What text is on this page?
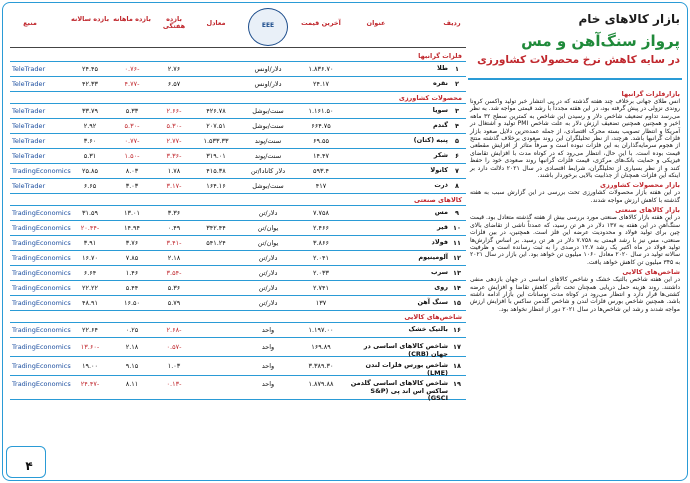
بازار کالاهای خام
پرواز سنگ‌آهن و مس
در سایه کاهش نرخ محصولات کشاورزی
بازارفلزات گرانبها

انس طلای جهانی برخلاف چند هفته گذشته که در پی انتشار خبر تولید واکسن کرونا روندی نزولی در پیش گرفته بود، در این هفته مجدداً با رشد قیمتی مواجه شد. به نظر می‌رسد تداوم تضعیف شاخص دلار و رسیدن این شاخص به کمترین سطح ۳۲ ماهه اخیر و همچنین همچنین تضعیف ارزش دلار به علت شاخص PMI تولید و اشتغال در آمریکا و انتظار تصویب بسته محرک اقتصادی، از جمله عمده‌ترین دلایل صعود بازار فلزات گرانبها باشد. هرچند، از نظر تحلیلگران این روند صعودی برخلاف گذشته منتج از هجوم سرمایه‌گذاران به این فلزات نبوده است و صرفاً متاثر از افزایش مقطعی قیمت بوده است. با این حال، انتظار می‌رود که در کوتاه مدت با افزایش تقاضای فیزیکی و حمایت بانک‌های مرکزی، قیمت فلزات گرانبها روند صعودی خود را حفظ کنند و از نظر بسیاری از تحلیلگران، شرایط اقتصادی در سال ۲۰۲۱ دلالت دارد بر اینکه این فلزات همچنان از جذابیت بالایی برخوردار باشند.

بازار محصولات کشاورزی

در این هفته بازار محصولات کشاورزی تحت بررسی در این گزارش سبب به هفته گذشته با کاهش ارزش مواجه شدند.

بازار کالاهای صنعتی

در این هفته بازار کالاهای صنعتی مورد بررسی بیش از هفته گذشته متعادل بود. قیمت سنگ‌آهن در این هفته به ۱۳۷ دلار در هر تن رسید، که عمدتاً ناشی از تقاضای بالای چین برای تولید فولاد و محدودیت عرضه این فلز است. همچنین، در بین فلزات صنعتی، مس نیز با رشد قیمتی به ۷.۷۵۸ دلار در هر تن رسید. بر اساس گزارش‌ها تولید فولاد در ماه اکتبر یک رشد ۱۲.۷ درصدی را به ثبت رسانده است و ظرفیت سالانه تولید در سال ۲۰۲۰ معادل ۱۰۶۰ میلیون تن خواهد بود. این بازار در سال ۲۰۲۱ به ۳۴۵ میلیون تن کاهش خواهد یافت.

شاخص‌های کالایی

در این هفته شاخص بالتیک خشک و شاخص کالاهای اساسی در جهان بازدهی منفی داشتند. روند هزینه حمل دریایی همچنان تحت تأثیر کاهش تقاضا و افزایش عرضه کشتی‌ها قرار دارد و انتظار می‌رود در کوتاه مدت نوسانات این بازار ادامه داشته باشد. همچنین شاخص بورس فلزات لندن و شاخص گلدمن ساکس با افزایش ارزش مواجه شدند و رشد این شاخص‌ها در سال ۲۰۲۱ دور از انتظار نخواهد بود.

ردیف
عنوان
آخرین قیمت
معادل
بازده هفتگی
بازده ماهانه
بازده سالانه
منبع	EEE
فلزات گرانبها
۱
طلا
۱.۸۳۶.۷۰
دلار/اونس
۲.۷۶
-۰.۷۶
۲۴.۴۵
TeleTrader
۲
نقره
۲۴.۱۷
دلار/اونس
۶.۵۷
-۴.۷۷
۴۲.۳۳
TeleTrader
محصولات کشاورزی
۳
سویا
۱.۱۶۱.۵۰
سنت/بوشل
۴۲۶.۷۸
-۲.۶۶
۵.۳۳
۳۳.۷۹
TeleTrader
۴
گندم
۶۶۴.۷۵
سنت/بوشل
۲۰۷.۵۱
-۵.۳۰
-۵.۳۰
۲.۹۲
TeleTrader
۵
پنبه (کتان)
۶۹.۵۵
سنت/پوند
۱.۵۳۳.۳۳
-۲.۷۷
-۰.۷۷
۳.۶۰
TeleTrader
۶
شکر
۱۴.۴۷
سنت/پوند
۳۱۹.۰۱
-۳.۳۶
-۱.۵۰
۵.۳۱
TeleTrader
۷
کانولا
۵۹۳.۴
دلار کانادا/تن
۴۱۵.۳۸
۱.۷۸
۸.۰۳
۲۵.۸۵
TradingEconomics
۸
ذرت
۴۱۷
سنت/بوشل
۱۶۴.۱۶
-۳.۱۷
۳.۰۳
۶.۶۵
TeleTrader
کالاهای صنعتی
۹
مس
۷.۷۵۸
دلار/تن
۳.۳۶
۱۳.۰۱
۳۱.۵۹
TradingEconomics
۱۰
قیر
۲.۴۶۶
یوان/تن
۳۴۲.۴۴
۰.۴۹
۱۴.۹۴
-۲۰.۴۴
TradingEconomics
۱۱
فولاد
۳.۸۶۶
یوان/تن
۵۴۱.۲۴
-۳.۴۱
۳.۷۶
۳.۹۱
TradingEconomics
۱۲
آلومینیوم
۲.۰۴۱
دلار/تن
۲.۱۸
۷.۸۵
۱۶.۷۰
TradingEconomics
۱۳
سرب
۲.۰۳۳
دلار/تن
-۳.۵۴
۱.۴۶
۶.۶۴
TradingEconomics
۱۴
روی
۲.۷۴۱
دلار/تن
۵.۳۶
۵.۴۴
۲۲.۲۲
TradingEconomics
۱۵
سنگ آهن
۱۳۷
دلار/تن
۵.۷۹
۱۶.۵۰
۴۸.۹۱
TradingEconomics
شاخص‌های کالایی
۱۶
بالتیک خشک
۱.۱۹۷.۰۰
واحد
-۲.۶۸
۰.۲۵
۲۲.۶۴
TradingEconomics
۱۷
شاخص کالاهای اساسی در جهان (CRB)
۱۶۹.۸۹
واحد
-۰.۵۷
۲.۱۸
-۱۳.۶۰
TradingEconomics
۱۸
شاخص بورس فلزات لندن (LME)
۳.۳۸۹.۳۰
واحد
۱.۰۳
۹.۱۵
۱۹.۰۰
TradingEconomics
۱۹
شاخص کالاهای اساسی گلدمن ساکس اس اند پی (S&P GSCI)
۱.۸۷۹.۸۸
واحد
-۰.۱۳
۸.۱۱
-۲۴.۴۷
TradingEconomics
۴
